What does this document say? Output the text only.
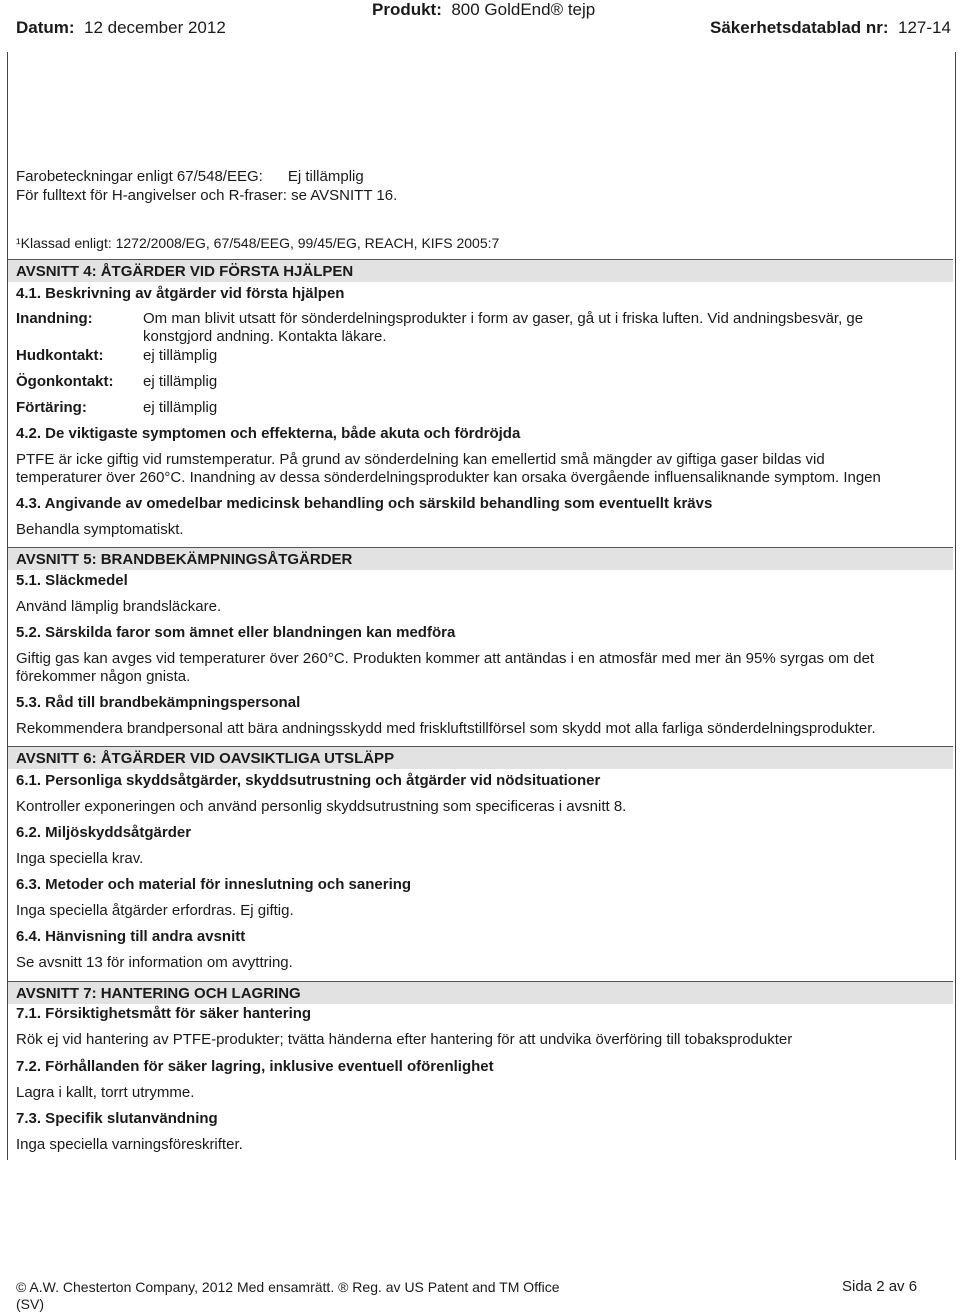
Datum: 12 december 2012
Produkt: 800 GoldEnd® tejp
Säkerhetsdatablad nr: 127-14
Farobeteckningar enligt 67/548/EEG: Ej tillämplig
För fulltext för H-angivelser och R-fraser: se AVSNITT 16.
¹Klassad enligt: 1272/2008/EG, 67/548/EEG, 99/45/EG, REACH, KIFS 2005:7
AVSNITT 4: ÅTGÄRDER VID FÖRSTA HJÄLPEN
4.1. Beskrivning av åtgärder vid första hjälpen
Inandning:	Om man blivit utsatt för sönderdelningsprodukter i form av gaser, gå ut i friska luften. Vid andningsbesvär, ge
konstgjord andning. Kontakta läkare.
Hudkontakt:	ej tillämplig
Ögonkontakt: ej tillämplig
Förtäring:	ej tillämplig
4.2. De viktigaste symptomen och effekterna, både akuta och fördröjda
PTFE är icke giftig vid rumstemperatur. På grund av sönderdelning kan emellertid små mängder av giftiga gaser bildas vid
temperaturer över 260°C. Inandning av dessa sönderdelningsprodukter kan orsaka övergående influensaliknande symptom. Ingen
4.3. Angivande av omedelbar medicinsk behandling och särskild behandling som eventuellt krävs
Behandla symptomatiskt.
AVSNITT 5: BRANDBEKÄMPNINGSÅTGÄRDER
5.1. Släckmedel
Använd lämplig brandsläckare.
5.2. Särskilda faror som ämnet eller blandningen kan medföra
Giftig gas kan avges vid temperaturer över 260°C. Produkten kommer att antändas i en atmosfär med mer än 95% syrgas om det
förekommer någon gnista.
5.3. Råd till brandbekämpningspersonal
Rekommendera brandpersonal att bära andningsskydd med friskluftstillförsel som skydd mot alla farliga sönderdelningsprodukter.
AVSNITT 6: ÅTGÄRDER VID OAVSIKTLIGA UTSLÄPP
6.1. Personliga skyddsåtgärder, skyddsutrustning och åtgärder vid nödsituationer
Kontroller exponeringen och använd personlig skyddsutrustning som specificeras i avsnitt 8.
6.2. Miljöskyddsåtgärder
Inga speciella krav.
6.3. Metoder och material för inneslutning och sanering
Inga speciella åtgärder erfordras. Ej giftig.
6.4. Hänvisning till andra avsnitt
Se avsnitt 13 för information om avyttring.
AVSNITT 7: HANTERING OCH LAGRING
7.1. Försiktighetsmått för säker hantering
Rök ej vid hantering av PTFE-produkter; tvätta händerna efter hantering för att undvika överföring till tobaksprodukter
7.2. Förhållanden för säker lagring, inklusive eventuell oförenlighet
Lagra i kallt, torrt utrymme.
7.3. Specifik slutanvändning
Inga speciella varningsföreskrifter.
© A.W. Chesterton Company, 2012 Med ensamrätt. ® Reg. av US Patent and TM Office
(SV)
Sida 2 av 6
